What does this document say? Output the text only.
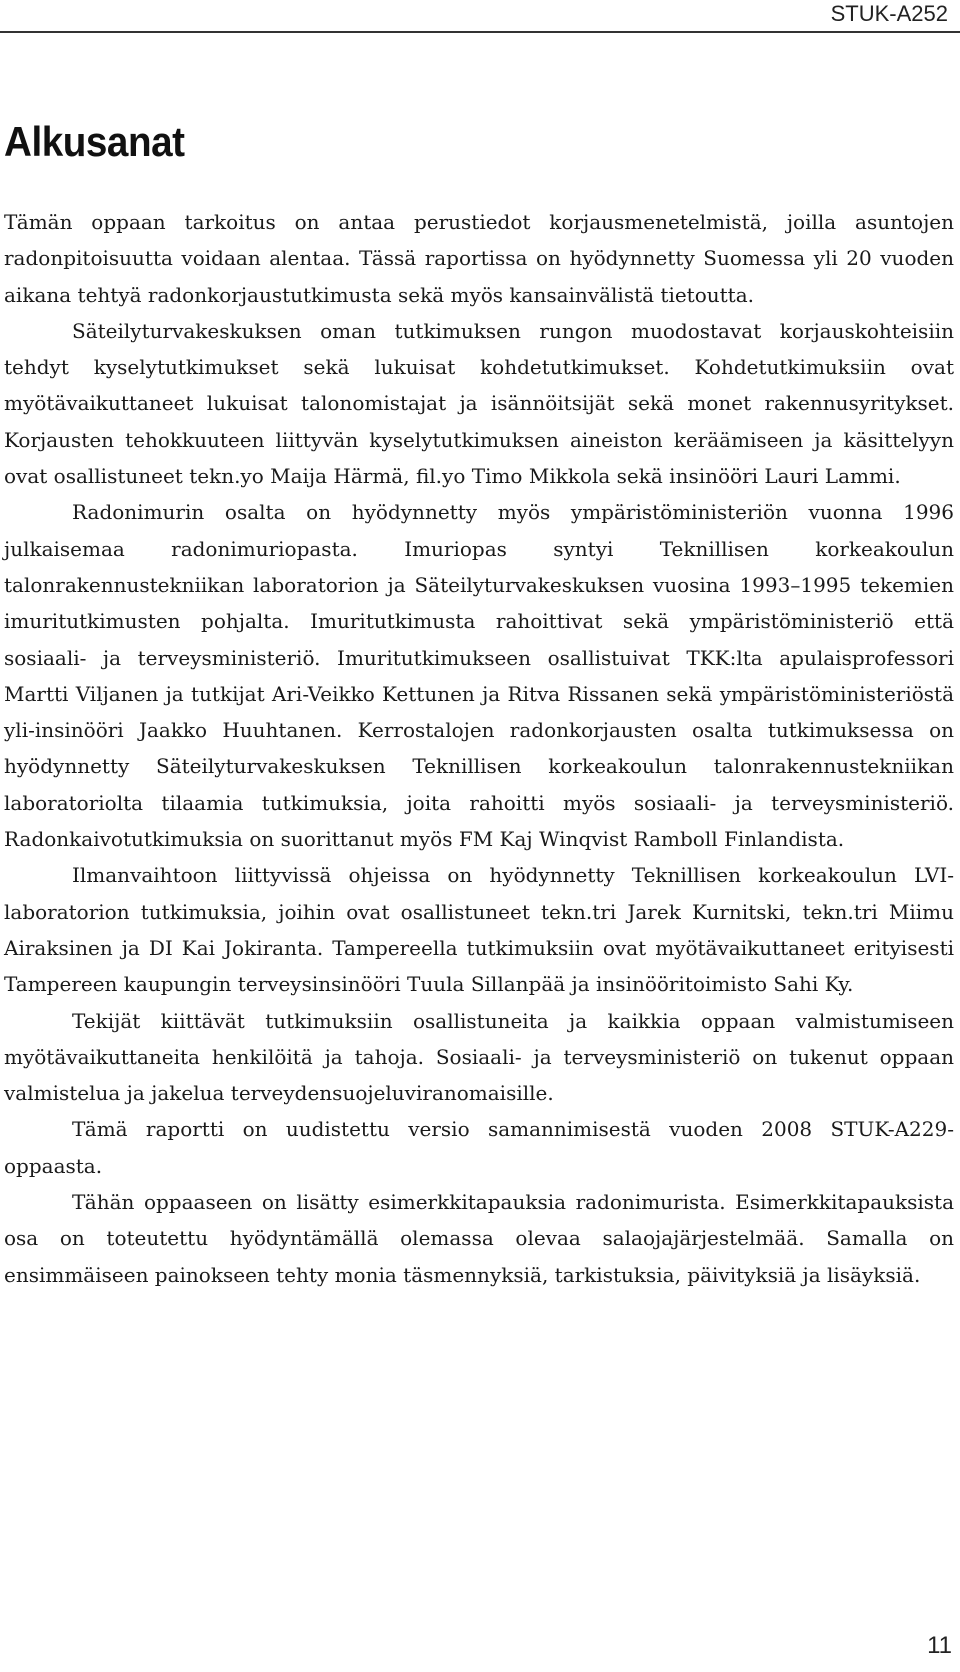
STUK-A252
Alkusanat

Tämän oppaan tarkoitus on antaa perustiedot korjausmenetelmistä, joilla asuntojen radonpitoisuutta voidaan alentaa. Tässä raportissa on hyödynnetty Suomessa yli 20 vuoden aikana tehtyä radonkorjaustutkimusta sekä myös kansainvälistä tietoutta.

Säteilyturvakeskuksen oman tutkimuksen rungon muodostavat korjauskohteisiin tehdyt kyselytutkimukset sekä lukuisat kohdetutkimukset. Kohdetutkimuksiin ovat myötävaikuttaneet lukuisat talonomistajat ja isännöitsijät sekä monet rakennusyritykset. Korjausten tehokkuuteen liittyvän kyselytutkimuksen aineiston keräämiseen ja käsittelyyn ovat osallistuneet tekn.yo Maija Härmä, fil.yo Timo Mikkola sekä insinööri Lauri Lammi.

Radonimurin osalta on hyödynnetty myös ympäristöministeriön vuonna 1996 julkaisemaa radonimuriopasta. Imuriopas syntyi Teknillisen korkeakoulun talonrakennustekniikan laboratorion ja Säteilyturvakeskuksen vuosina 1993–1995 tekemien imuritutkimusten pohjalta. Imuritutkimusta rahoittivat sekä ympäristöministeriö että sosiaali- ja terveysministeriö. Imuritutkimukseen osallistuivat TKK:lta apulaisprofessori Martti Viljanen ja tutkijat Ari-Veikko Kettunen ja Ritva Rissanen sekä ympäristöministeriöstä yli-insinööri Jaakko Huuhtanen. Kerrostalojen radonkorjausten osalta tutkimuksessa on hyödynnetty Säteilyturvakeskuksen Teknillisen korkeakoulun talonrakennustekniikan laboratoriolta tilaamia tutkimuksia, joita rahoitti myös sosiaali- ja terveysministeriö. Radonkaivotutkimuksia on suorittanut myös FM Kaj Winqvist Ramboll Finlandista.

Ilmanvaihtoon liittyvissä ohjeissa on hyödynnetty Teknillisen korkeakoulun LVI-laboratorion tutkimuksia, joihin ovat osallistuneet tekn.tri Jarek Kurnitski, tekn.tri Miimu Airaksinen ja DI Kai Jokiranta. Tampereella tutkimuksiin ovat myötävaikuttaneet erityisesti Tampereen kaupungin terveysinsinööri Tuula Sillanpää ja insinööritoimisto Sahi Ky.

Tekijät kiittävät tutkimuksiin osallistuneita ja kaikkia oppaan valmistumiseen myötävaikuttaneita henkilöitä ja tahoja. Sosiaali- ja terveysministeriö on tukenut oppaan valmistelua ja jakelua terveydensuojeluviranomaisille.

Tämä raportti on uudistettu versio samannimisestä vuoden 2008 STUK-A229-oppaasta.

Tähän oppaaseen on lisätty esimerkkitapauksia radonimurista. Esimerkkitapauksista osa on toteutettu hyödyntämällä olemassa olevaa salaojajärjestelmää. Samalla on ensimmäiseen painokseen tehty monia täsmennyksiä, tarkistuksia, päivityksiä ja lisäyksiä.

11
